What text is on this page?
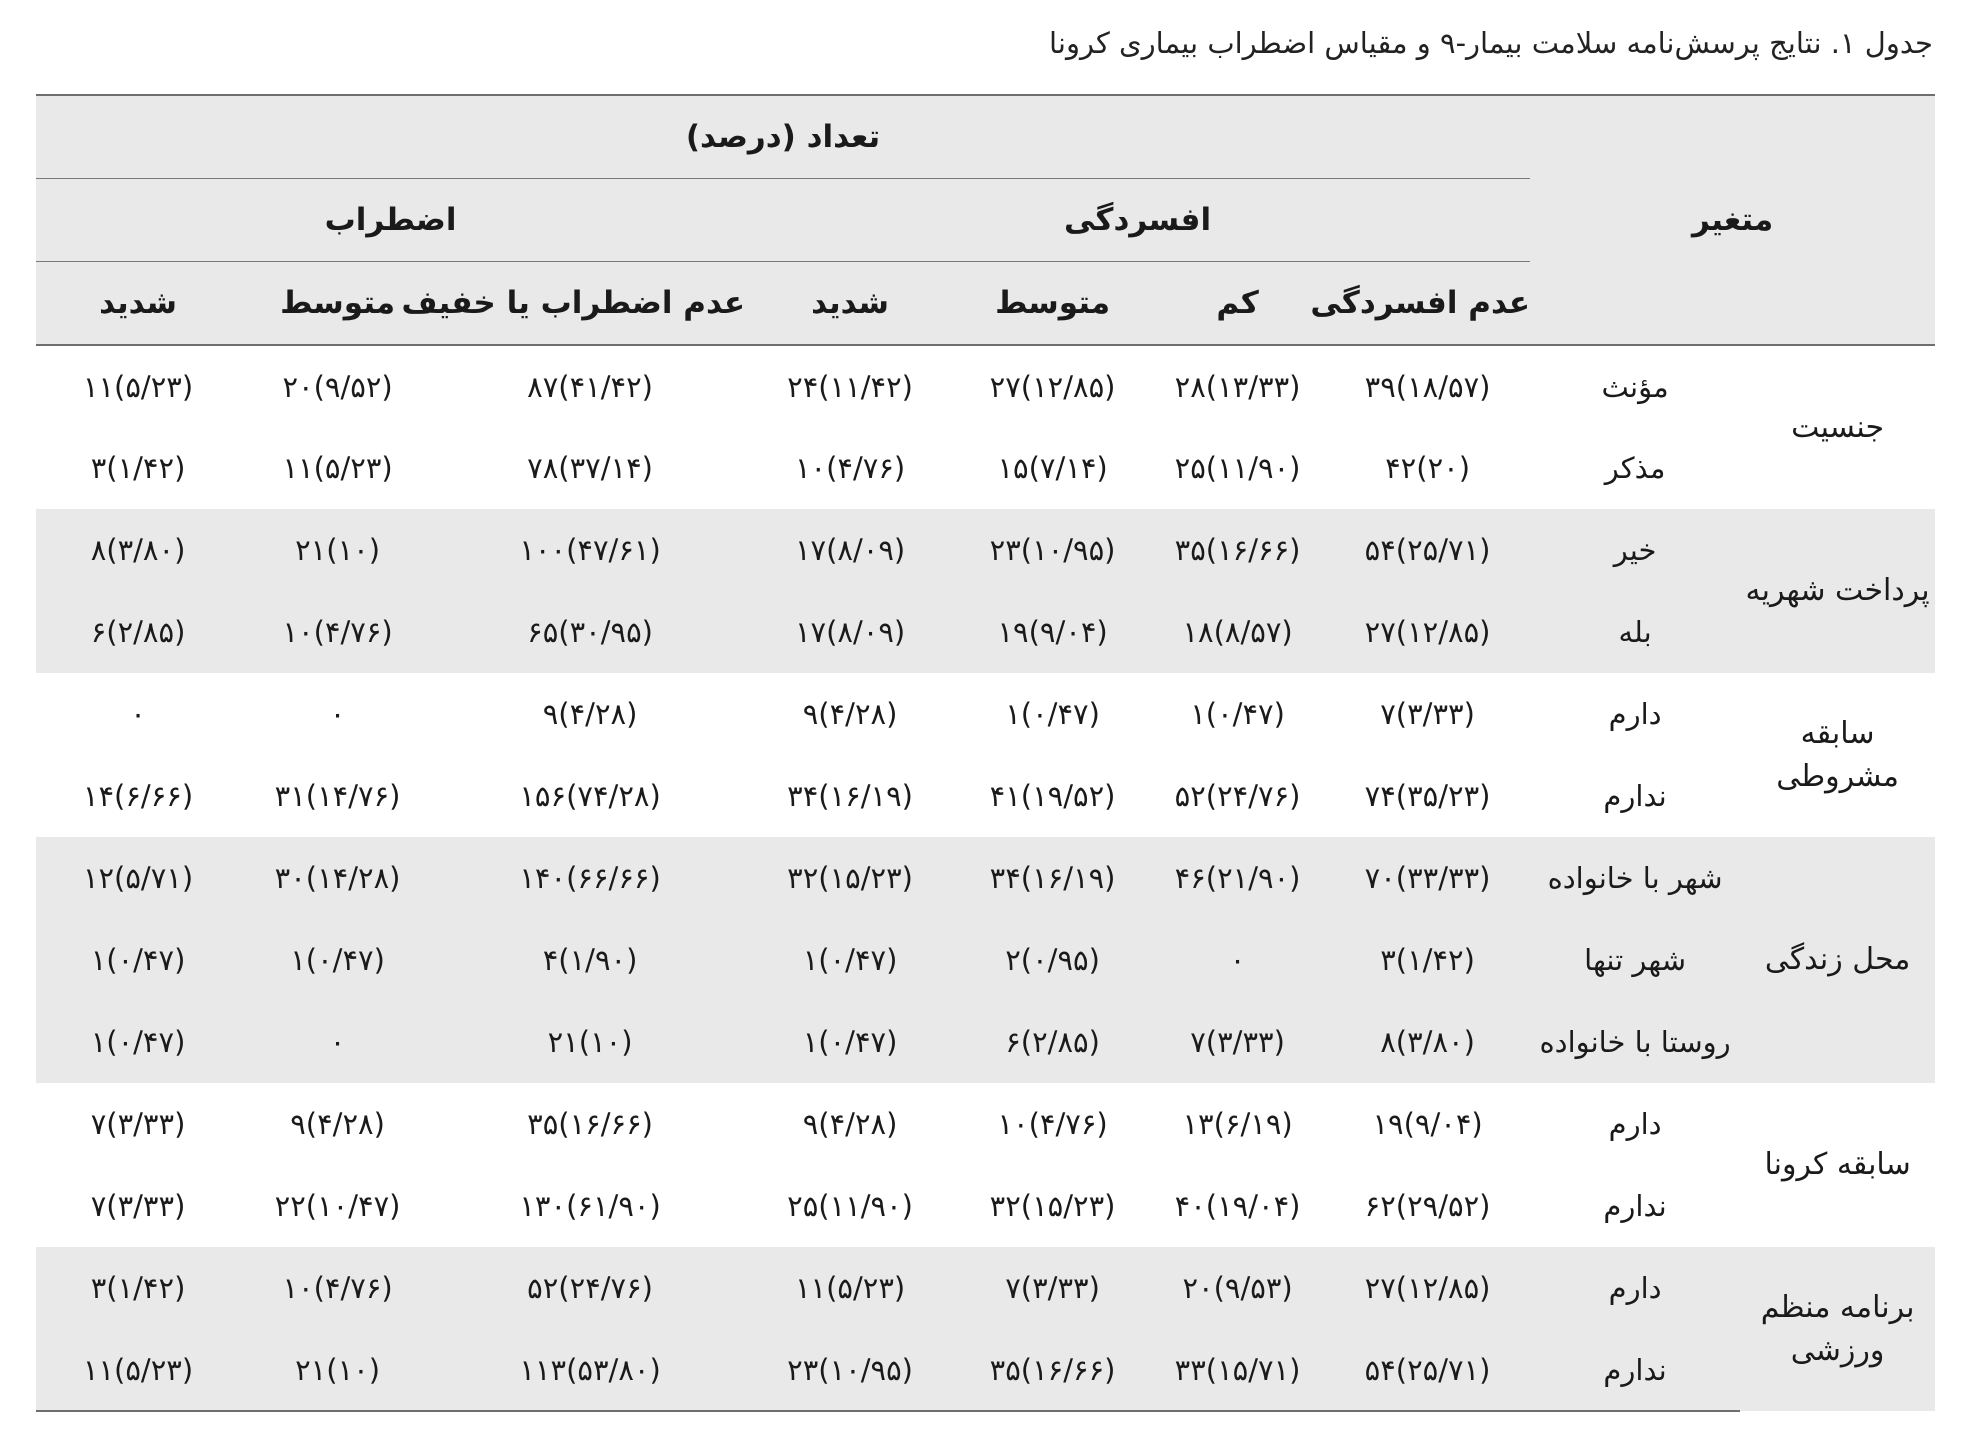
جدول ۱. نتایج پرسش‌نامه سلامت بیمار-۹ و مقیاس اضطراب بیماری کرونا
متغیر		تعداد (درصد)						
		افسردگی				اضطراب		
		عدم افسردگی	کم	متوسط	شدید	عدم اضطراب یا خفیف	متوسط	شدید
جنسیت	مؤنث	۳۹(۱۸/۵۷)	۲۸(۱۳/۳۳)	۲۷(۱۲/۸۵)	۲۴(۱۱/۴۲)	۸۷(۴۱/۴۲)	۲۰(۹/۵۲)	۱۱(۵/۲۳)
	مذکر	۴۲(۲۰)	۲۵(۱۱/۹۰)	۱۵(۷/۱۴)	۱۰(۴/۷۶)	۷۸(۳۷/۱۴)	۱۱(۵/۲۳)	۳(۱/۴۲)
پرداخت شهریه	خیر	۵۴(۲۵/۷۱)	۳۵(۱۶/۶۶)	۲۳(۱۰/۹۵)	۱۷(۸/۰۹)	۱۰۰(۴۷/۶۱)	۲۱(۱۰)	۸(۳/۸۰)
	بله	۲۷(۱۲/۸۵)	۱۸(۸/۵۷)	۱۹(۹/۰۴)	۱۷(۸/۰۹)	۶۵(۳۰/۹۵)	۱۰(۴/۷۶)	۶(۲/۸۵)
سابقه مشروطی	دارم	۷(۳/۳۳)	۱(۰/۴۷)	۱(۰/۴۷)	۹(۴/۲۸)	۹(۴/۲۸)	۰	۰
	ندارم	۷۴(۳۵/۲۳)	۵۲(۲۴/۷۶)	۴۱(۱۹/۵۲)	۳۴(۱۶/۱۹)	۱۵۶(۷۴/۲۸)	۳۱(۱۴/۷۶)	۱۴(۶/۶۶)
محل زندگی	شهر با خانواده	۷۰(۳۳/۳۳)	۴۶(۲۱/۹۰)	۳۴(۱۶/۱۹)	۳۲(۱۵/۲۳)	۱۴۰(۶۶/۶۶)	۳۰(۱۴/۲۸)	۱۲(۵/۷۱)
	شهر تنها	۳(۱/۴۲)	۰	۲(۰/۹۵)	۱(۰/۴۷)	۴(۱/۹۰)	۱(۰/۴۷)	۱(۰/۴۷)
	روستا با خانواده	۸(۳/۸۰)	۷(۳/۳۳)	۶(۲/۸۵)	۱(۰/۴۷)	۲۱(۱۰)	۰	۱(۰/۴۷)
سابقه کرونا	دارم	۱۹(۹/۰۴)	۱۳(۶/۱۹)	۱۰(۴/۷۶)	۹(۴/۲۸)	۳۵(۱۶/۶۶)	۹(۴/۲۸)	۷(۳/۳۳)
	ندارم	۶۲(۲۹/۵۲)	۴۰(۱۹/۰۴)	۳۲(۱۵/۲۳)	۲۵(۱۱/۹۰)	۱۳۰(۶۱/۹۰)	۲۲(۱۰/۴۷)	۷(۳/۳۳)
برنامه منظم ورزشی	دارم	۲۷(۱۲/۸۵)	۲۰(۹/۵۳)	۷(۳/۳۳)	۱۱(۵/۲۳)	۵۲(۲۴/۷۶)	۱۰(۴/۷۶)	۳(۱/۴۲)
	ندارم	۵۴(۲۵/۷۱)	۳۳(۱۵/۷۱)	۳۵(۱۶/۶۶)	۲۳(۱۰/۹۵)	۱۱۳(۵۳/۸۰)	۲۱(۱۰)	۱۱(۵/۲۳)
